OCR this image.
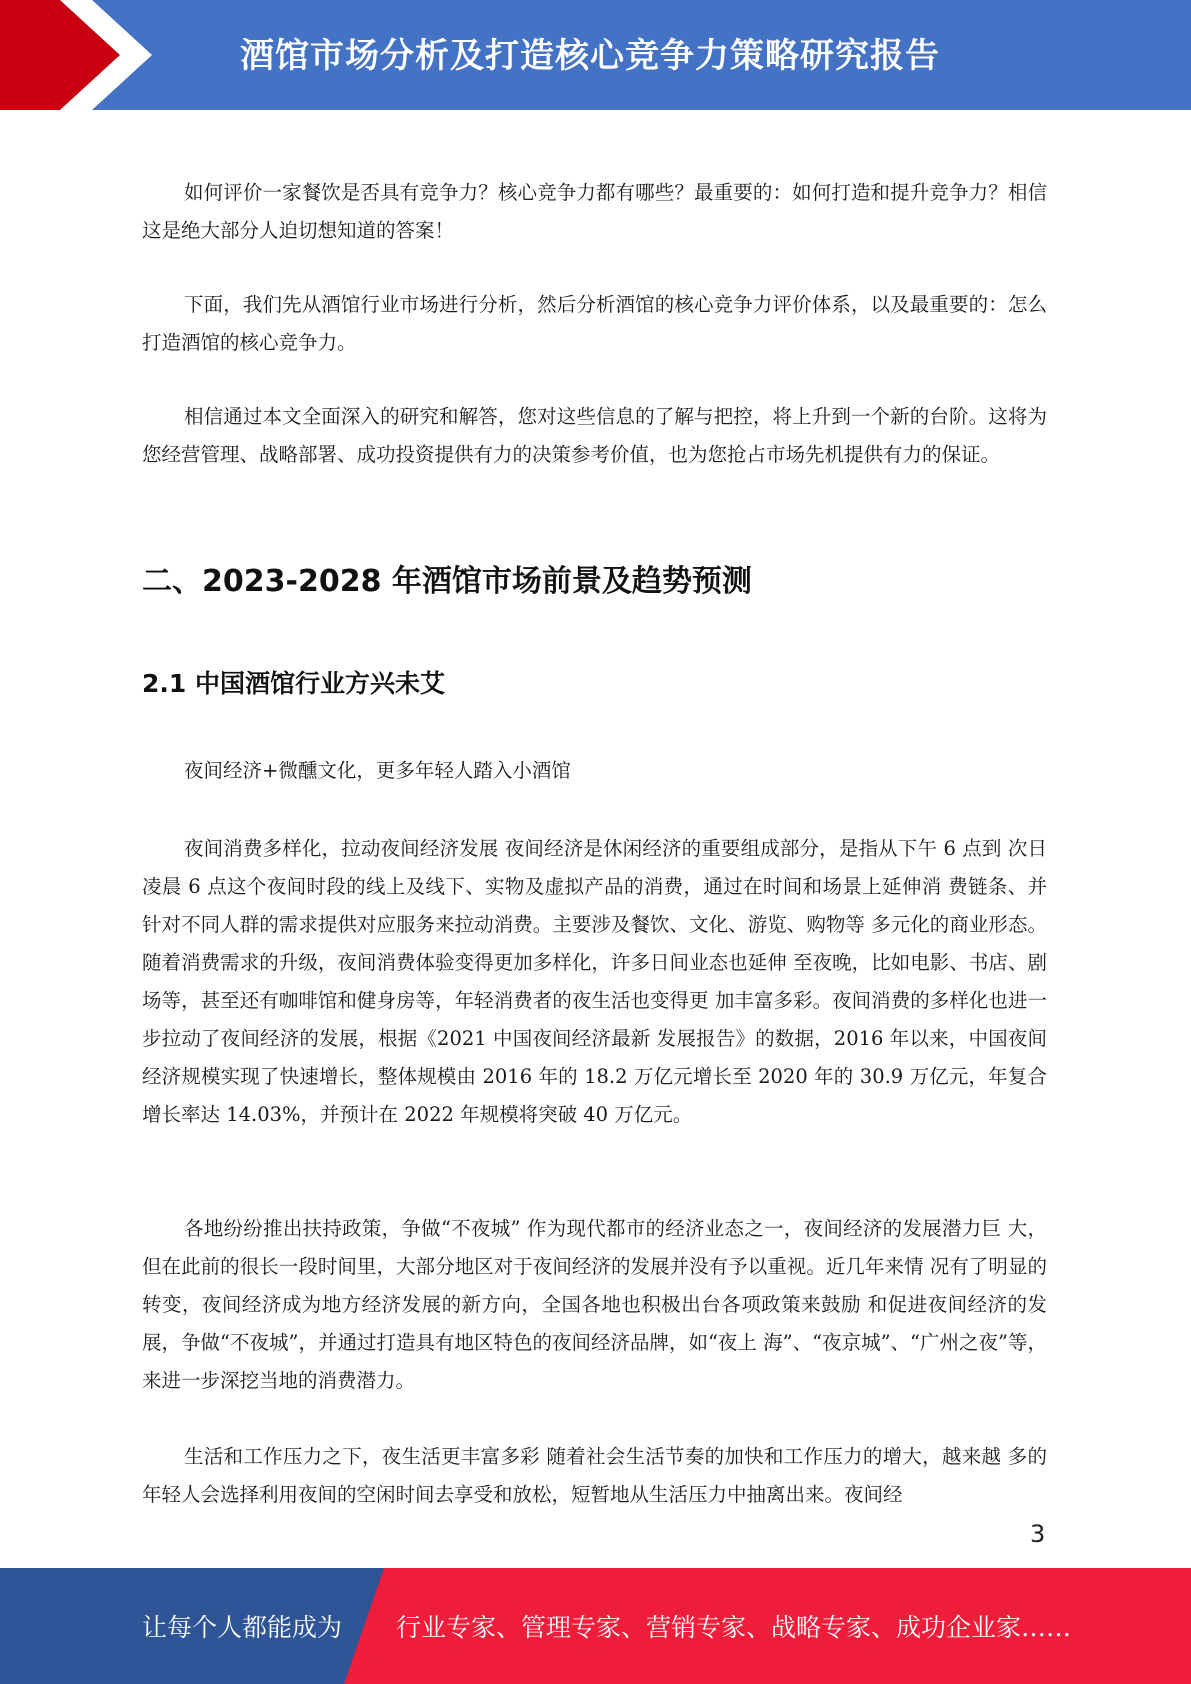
酒馆市场分析及打造核心竞争力策略研究报告

如何评价一家餐饮是否具有竞争力？核心竞争力都有哪些？最重要的：如何打造和提升竞争力？相信这是绝大部分人迫切想知道的答案！

下面，我们先从酒馆行业市场进行分析，然后分析酒馆的核心竞争力评价体系，以及最重要的：怎么打造酒馆的核心竞争力。

相信通过本文全面深入的研究和解答，您对这些信息的了解与把控，将上升到一个新的台阶。这将为您经营管理、战略部署、成功投资提供有力的决策参考价值，也为您抢占市场先机提供有力的保证。

二、2023-2028 年酒馆市场前景及趋势预测
2.1 中国酒馆行业方兴未艾

夜间经济+微醺文化，更多年轻人踏入小酒馆

夜间消费多样化，拉动夜间经济发展 夜间经济是休闲经济的重要组成部分，是指从下午 6 点到 次日凌晨 6 点这个夜间时段的线上及线下、实物及虚拟产品的消费，通过在时间和场景上延伸消 费链条、并针对不同人群的需求提供对应服务来拉动消费。主要涉及餐饮、文化、游览、购物等 多元化的商业形态。随着消费需求的升级，夜间消费体验变得更加多样化，许多日间业态也延伸 至夜晚，比如电影、书店、剧场等，甚至还有咖啡馆和健身房等，年轻消费者的夜生活也变得更 加丰富多彩。夜间消费的多样化也进一步拉动了夜间经济的发展，根据《2021 中国夜间经济最新 发展报告》的数据，2016 年以来，中国夜间经济规模实现了快速增长，整体规模由 2016 年的 18.2 万亿元增长至 2020 年的 30.9 万亿元，年复合增长率达 14.03%，并预计在 2022 年规模将突破 40 万亿元。

各地纷纷推出扶持政策，争做“不夜城” 作为现代都市的经济业态之一，夜间经济的发展潜力巨 大，但在此前的很长一段时间里，大部分地区对于夜间经济的发展并没有予以重视。近几年来情 况有了明显的转变，夜间经济成为地方经济发展的新方向，全国各地也积极出台各项政策来鼓励 和促进夜间经济的发展，争做“不夜城”，并通过打造具有地区特色的夜间经济品牌，如“夜上 海”、“夜京城”、“广州之夜”等，来进一步深挖当地的消费潜力。

生活和工作压力之下，夜生活更丰富多彩 随着社会生活节奏的加快和工作压力的增大，越来越 多的年轻人会选择利用夜间的空闲时间去享受和放松，短暂地从生活压力中抽离出来。夜间经

3
让每个人都能成为 行业专家、管理专家、营销专家、战略专家、成功企业家……
